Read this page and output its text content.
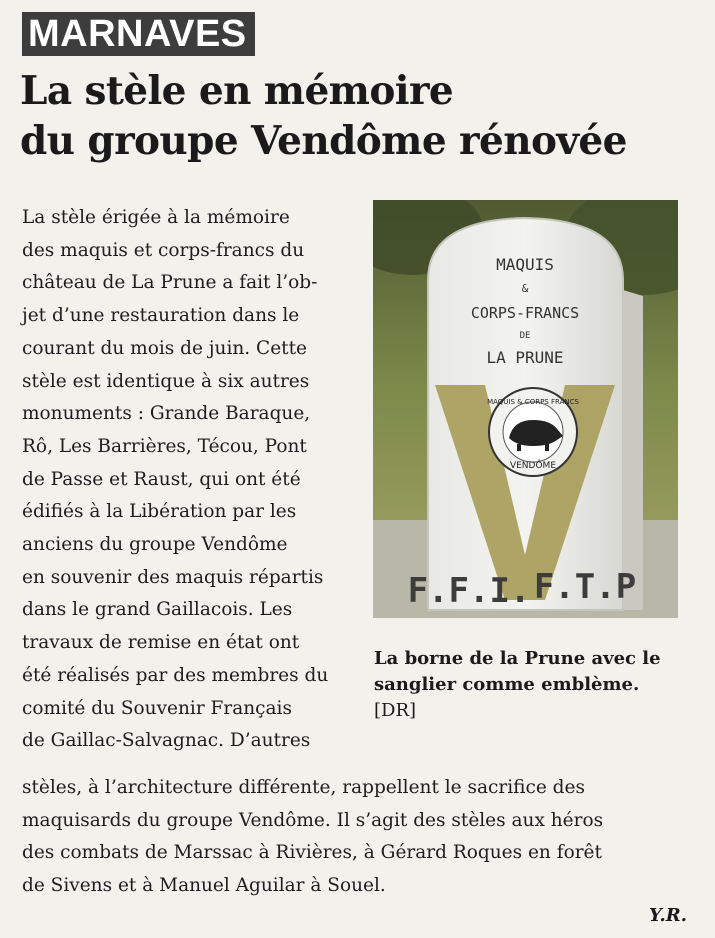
MARNAVES
La stèle en mémoire
du groupe Vendôme rénovée
La stèle érigée à la mémoire
des maquis et corps-francs du
château de La Prune a fait l’ob-
jet d’une restauration dans le
courant du mois de juin. Cette
stèle est identique à six autres
monuments : Grande Baraque,
Rô, Les Barrières, Técou, Pont
de Passe et Raust, qui ont été
édifiés à la Libération par les
anciens du groupe Vendôme
en souvenir des maquis répartis
dans le grand Gaillacois. Les
travaux de remise en état ont
été réalisés par des membres du
comité du Souvenir Français
de Gaillac-Salvagnac. D’autres
MAQUIS
&
CORPS-FRANCS
DE
LA PRUNE
MAQUIS & CORPS FRANCS
VENDÔME
F.F.I. F.T.P
La borne de la Prune avec le
sanglier comme emblème.
[DR]
stèles, à l’architecture différente, rappellent le sacrifice des
maquisards du groupe Vendôme. Il s’agit des stèles aux héros
des combats de Marssac à Rivières, à Gérard Roques en forêt
de Sivens et à Manuel Aguilar à Souel.
Y.R.
